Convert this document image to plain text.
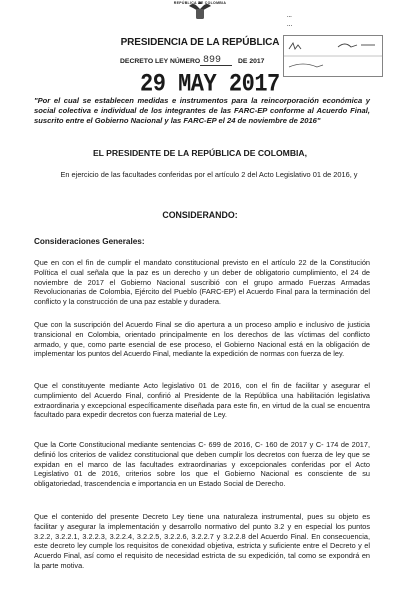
REPÚBLICA DE COLOMBIA
PRESIDENCIA DE LA REPÚBLICA
DECRETO LEY NÚMERO 899 DE 2017
29 MAY 2017
...
...
"Por el cual se establecen medidas e instrumentos para la reincorporación económica y social colectiva e individual de los integrantes de las FARC-EP conforme al Acuerdo Final, suscrito entre el Gobierno Nacional y las FARC-EP el 24 de noviembre de 2016"
EL PRESIDENTE DE LA REPÚBLICA DE COLOMBIA,
En ejercicio de las facultades conferidas por el artículo 2 del Acto Legislativo 01 de 2016, y
CONSIDERANDO:
Consideraciones Generales:
Que en con el fin de cumplir el mandato constitucional previsto en el artículo 22 de la Constitución Política el cual señala que la paz es un derecho y un deber de obligatorio cumplimiento, el 24 de noviembre de 2017 el Gobierno Nacional suscribió con el grupo armado Fuerzas Armadas Revolucionarias de Colombia, Ejército del Pueblo (FARC-EP) el Acuerdo Final para la terminación del conflicto y la construcción de una paz estable y duradera.
Que con la suscripción del Acuerdo Final se dio apertura a un proceso amplio e inclusivo de justicia transicional en Colombia, orientado principalmente en los derechos de las víctimas del conflicto armado, y que, como parte esencial de ese proceso, el Gobierno Nacional está en la obligación de implementar los puntos del Acuerdo Final, mediante la expedición de normas con fuerza de ley.
Que el constituyente mediante Acto legislativo 01 de 2016, con el fin de facilitar y asegurar el cumplimiento del Acuerdo Final, confirió al Presidente de la República una habilitación legislativa extraordinaria y excepcional específicamente diseñada para este fin, en virtud de la cual se encuentra facultado para expedir decretos con fuerza material de Ley.
Que la Corte Constitucional mediante sentencias C- 699 de 2016, C- 160 de 2017 y C- 174 de 2017, definió los criterios de validez constitucional que deben cumplir los decretos con fuerza de ley que se expidan en el marco de las facultades extraordinarias y excepcionales conferidas por el Acto Legislativo 01 de 2016, criterios sobre los que el Gobierno Nacional es consciente de su obligatoriedad, trascendencia e importancia en un Estado Social de Derecho.
Que el contenido del presente Decreto Ley tiene una naturaleza instrumental, pues su objeto es facilitar y asegurar la implementación y desarrollo normativo del punto 3.2 y en especial los puntos 3.2.2, 3.2.2.1, 3.2.2.3, 3.2.2.4, 3.2.2.5, 3.2.2.6, 3.2.2.7 y 3.2.2.8 del Acuerdo Final. En consecuencia, este decreto ley cumple los requisitos de conexidad objetiva, estricta y suficiente entre el Decreto y el Acuerdo Final, así como el requisito de necesidad estricta de su expedición, tal como se expondrá en la parte motiva.
